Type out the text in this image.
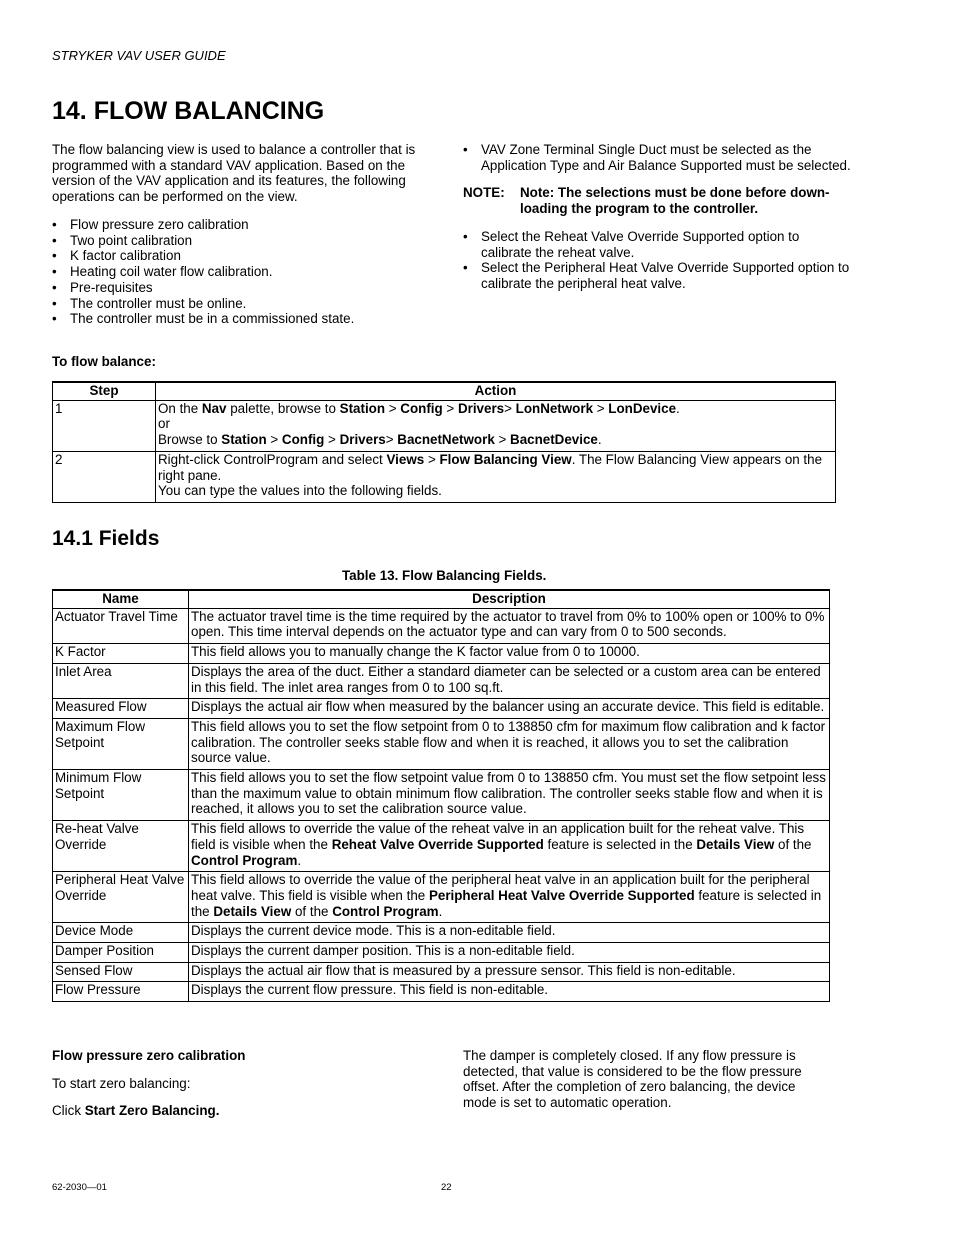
STRYKER VAV USER GUIDE
14. FLOW BALANCING
The flow balancing view is used to balance a controller that is programmed with a standard VAV application. Based on the version of the VAV application and its features, the following operations can be performed on the view.
• Flow pressure zero calibration
• Two point calibration
• K factor calibration
• Heating coil water flow calibration.
• Pre-requisites
• The controller must be online.
• The controller must be in a commissioned state.
• VAV Zone Terminal Single Duct must be selected as the Application Type and Air Balance Supported must be selected.
NOTE:	Note: The selections must be done before down-loading the program to the controller.
• Select the Reheat Valve Override Supported option to calibrate the reheat valve.
• Select the Peripheral Heat Valve Override Supported option to calibrate the peripheral heat valve.
To flow balance:
Step	Action
1	On the Nav palette, browse to Station > Config > Drivers> LonNetwork > LonDevice.
or
Browse to Station > Config > Drivers> BacnetNetwork > BacnetDevice.
2	Right-click ControlProgram and select Views > Flow Balancing View. The Flow Balancing View appears on the right pane.
You can type the values into the following fields.
14.1 Fields
Table 13. Flow Balancing Fields.
Name	Description
Actuator Travel Time	The actuator travel time is the time required by the actuator to travel from 0% to 100% open or 100% to 0% open. This time interval depends on the actuator type and can vary from 0 to 500 seconds.
K Factor	This field allows you to manually change the K factor value from 0 to 10000.
Inlet Area	Displays the area of the duct. Either a standard diameter can be selected or a custom area can be entered in this field. The inlet area ranges from 0 to 100 sq.ft.
Measured Flow	Displays the actual air flow when measured by the balancer using an accurate device. This field is editable.
Maximum Flow Setpoint	This field allows you to set the flow setpoint from 0 to 138850 cfm for maximum flow calibration and k factor calibration. The controller seeks stable flow and when it is reached, it allows you to set the calibration source value.
Minimum Flow Setpoint	This field allows you to set the flow setpoint value from 0 to 138850 cfm. You must set the flow setpoint less than the maximum value to obtain minimum flow calibration. The controller seeks stable flow and when it is reached, it allows you to set the calibration source value.
Re-heat Valve Override	This field allows to override the value of the reheat valve in an application built for the reheat valve. This field is visible when the Reheat Valve Override Supported feature is selected in the Details View of the Control Program.
Peripheral Heat Valve Override	This field allows to override the value of the peripheral heat valve in an application built for the peripheral heat valve. This field is visible when the Peripheral Heat Valve Override Supported feature is selected in the Details View of the Control Program.
Device Mode	Displays the current device mode. This is a non-editable field.
Damper Position	Displays the current damper position. This is a non-editable field.
Sensed Flow	Displays the actual air flow that is measured by a pressure sensor. This field is non-editable.
Flow Pressure	Displays the current flow pressure. This field is non-editable.

Flow pressure zero calibration

To start zero balancing:

Click Start Zero Balancing.

The damper is completely closed. If any flow pressure is detected, that value is considered to be the flow pressure offset. After the completion of zero balancing, the device mode is set to automatic operation.
62-2030—01	22
